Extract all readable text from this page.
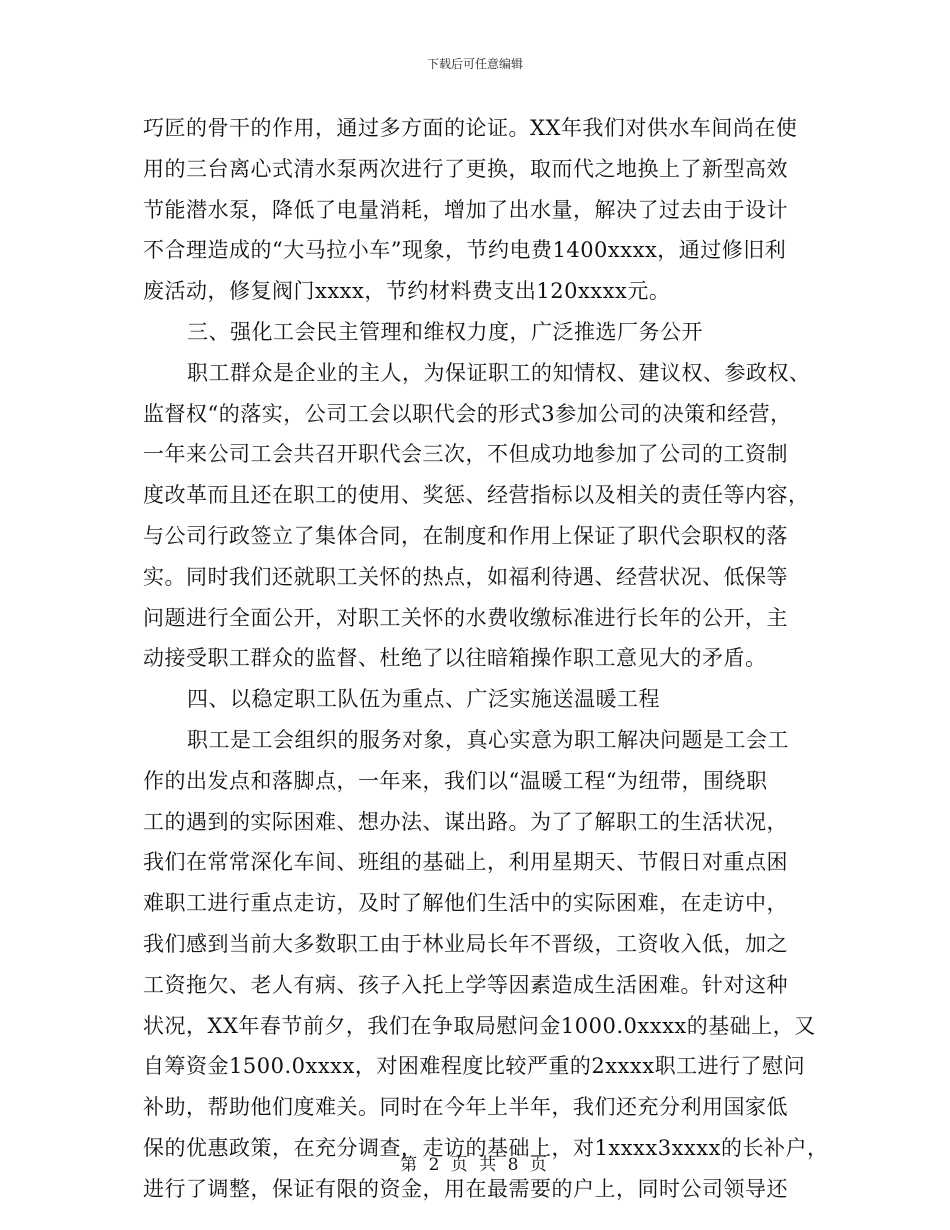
下载后可任意编辑
巧匠的骨干的作用，通过多方面的论证。XX年我们对供水车间尚在使
用的三台离心式清水泵两次进行了更换，取而代之地换上了新型高效
节能潜水泵，降低了电量消耗，增加了出水量，解决了过去由于设计
不合理造成的“大马拉小车”现象，节约电费1400xxxx，通过修旧利
废活动，修复阀门xxxx，节约材料费支出120xxxx元。
三、强化工会民主管理和维权力度，广泛推选厂务公开
职工群众是企业的主人，为保证职工的知情权、建议权、参政权、
监督权“的落实，公司工会以职代会的形式3参加公司的决策和经营，
一年来公司工会共召开职代会三次，不但成功地参加了公司的工资制
度改革而且还在职工的使用、奖惩、经营指标以及相关的责任等内容，
与公司行政签立了集体合同，在制度和作用上保证了职代会职权的落
实。同时我们还就职工关怀的热点，如福利待遇、经营状况、低保等
问题进行全面公开，对职工关怀的水费收缴标准进行长年的公开，主
动接受职工群众的监督、杜绝了以往暗箱操作职工意见大的矛盾。
四、以稳定职工队伍为重点、广泛实施送温暖工程
职工是工会组织的服务对象，真心实意为职工解决问题是工会工
作的出发点和落脚点，一年来，我们以“温暖工程“为纽带，围绕职
工的遇到的实际困难、想办法、谋出路。为了了解职工的生活状况，
我们在常常深化车间、班组的基础上，利用星期天、节假日对重点困
难职工进行重点走访，及时了解他们生活中的实际困难，在走访中，
我们感到当前大多数职工由于林业局长年不晋级，工资收入低，加之
工资拖欠、老人有病、孩子入托上学等因素造成生活困难。针对这种
状况，XX年春节前夕，我们在争取局慰问金1000.0xxxx的基础上，又
自筹资金1500.0xxxx，对困难程度比较严重的2xxxx职工进行了慰问
补助，帮助他们度难关。同时在今年上半年，我们还充分利用国家低
保的优惠政策，在充分调查，走访的基础上，对1xxxx3xxxx的长补户，
进行了调整，保证有限的资金，用在最需要的户上，同时公司领导还
第 2 页 共 8 页
